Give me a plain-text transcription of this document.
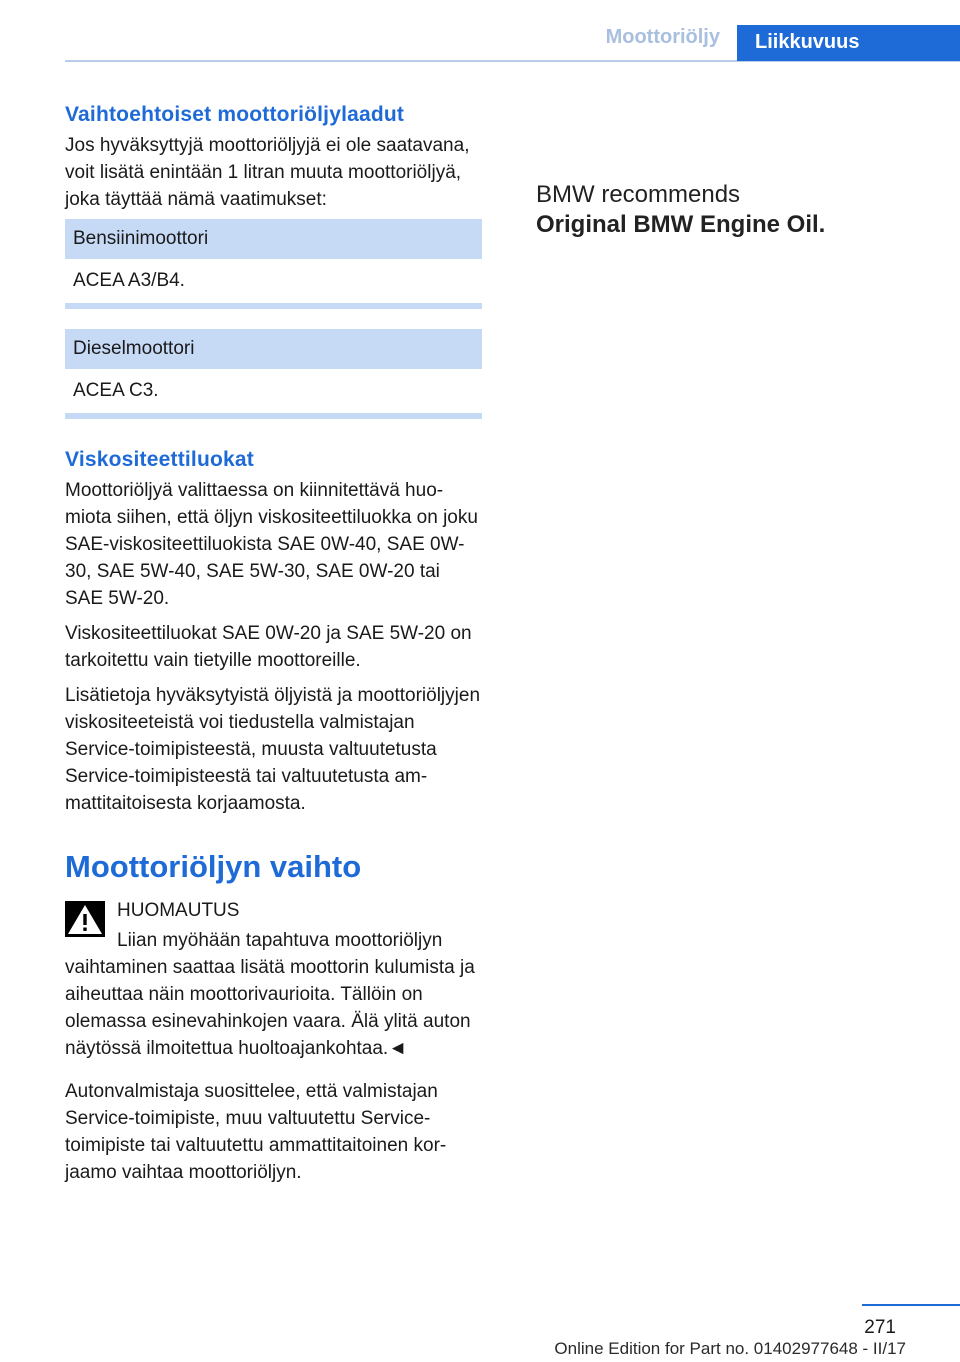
Moottoriöljy	Liikkuvuus
Vaihtoehtoiset moottoriöljylaadut
Jos hyväksyttyjä moottoriöljyjä ei ole saatavana, voit lisätä enintään 1 litran muuta moottoriöljyä, joka täyttää nämä vaatimukset:
Bensiinimoottori
ACEA A3/B4.
Dieselmoottori
ACEA C3.
Viskositeettiluokat
Moottoriöljyä valittaessa on kiinnitettävä huomiota siihen, että öljyn viskositeettiluokka on joku SAE-viskositeettiluokista SAE 0W-40, SAE 0W-30, SAE 5W-40, SAE 5W-30, SAE 0W-20 tai SAE 5W-20.
Viskositeettiluokat SAE 0W-20 ja SAE 5W-20 on tarkoitettu vain tietyille moottoreille.
Lisätietoja hyväksytyistä öljyistä ja moottoriöljyjen viskositeeteistä voi tiedustella valmistajan Service-toimipisteestä, muusta valtuutetusta Service-toimipisteestä tai valtuutetusta ammattitaitoisesta korjaamosta.
Moottoriöljyn vaihto
HUOMAUTUS
Liian myöhään tapahtuva moottoriöljyn
vaihtaminen saattaa lisätä moottorin kulumista ja aiheuttaa näin moottorivaurioita. Tällöin on olemassa esinevahinkojen vaara. Älä ylitä auton näytössä ilmoitettua huoltoajankohtaa.◄
Autonvalmistaja suosittelee, että valmistajan Service-toimipiste, muu valtuutettu Service-toimipiste tai valtuutettu ammattitaitoinen korjaamo vaihtaa moottoriöljyn.
BMW recommends
Original BMW Engine Oil.
271
Online Edition for Part no. 01402977648 - II/17
